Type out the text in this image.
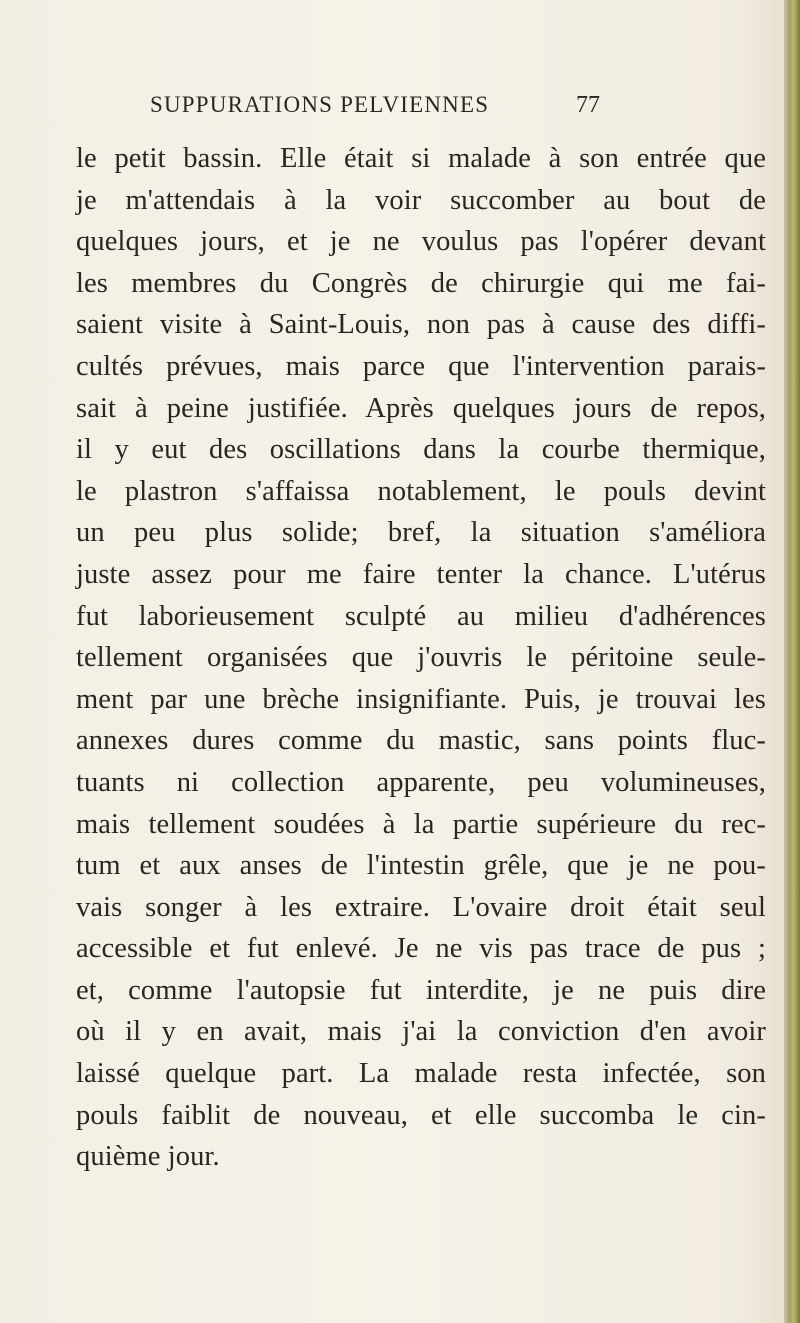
SUPPURATIONS PELVIENNES	77
le petit bassin. Elle était si malade à son entrée que
je m'attendais à la voir succomber au bout de
quelques jours, et je ne voulus pas l'opérer devant
les membres du Congrès de chirurgie qui me fai-
saient visite à Saint-Louis, non pas à cause des diffi-
cultés prévues, mais parce que l'intervention parais-
sait à peine justifiée. Après quelques jours de repos,
il y eut des oscillations dans la courbe thermique,
le plastron s'affaissa notablement, le pouls devint
un peu plus solide; bref, la situation s'améliora
juste assez pour me faire tenter la chance. L'utérus
fut laborieusement sculpté au milieu d'adhérences
tellement organisées que j'ouvris le péritoine seule-
ment par une brèche insignifiante. Puis, je trouvai les
annexes dures comme du mastic, sans points fluc-
tuants ni collection apparente, peu volumineuses,
mais tellement soudées à la partie supérieure du rec-
tum et aux anses de l'intestin grêle, que je ne pou-
vais songer à les extraire. L'ovaire droit était seul
accessible et fut enlevé. Je ne vis pas trace de pus ;
et, comme l'autopsie fut interdite, je ne puis dire
où il y en avait, mais j'ai la conviction d'en avoir
laissé quelque part. La malade resta infectée, son
pouls faiblit de nouveau, et elle succomba le cin-
quième jour.
